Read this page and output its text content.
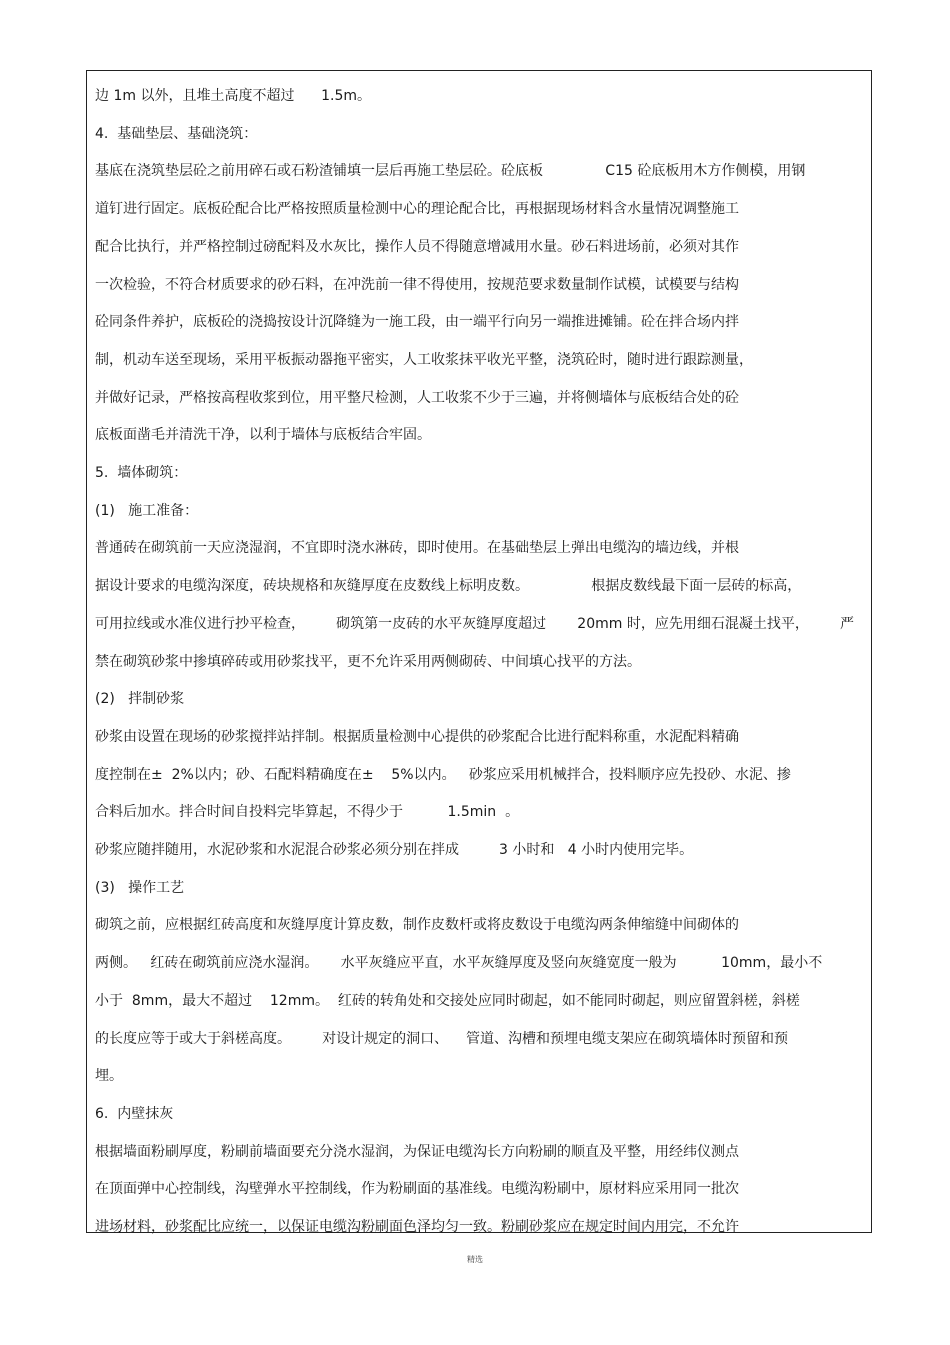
边 1m 以外，且堆土高度不超过      1.5m。
4.  基础垫层、基础浇筑：
基底在浇筑垫层砼之前用碎石或石粉渣铺填一层后再施工垫层砼。砼底板              C15 砼底板用木方作侧模，用钢
道钉进行固定。底板砼配合比严格按照质量检测中心的理论配合比，再根据现场材料含水量情况调整施工
配合比执行，并严格控制过磅配料及水灰比，操作人员不得随意增减用水量。砂石料进场前，必须对其作
一次检验，不符合材质要求的砂石料，在冲洗前一律不得使用，按规范要求数量制作试模，试模要与结构
砼同条件养护，底板砼的浇捣按设计沉降缝为一施工段，由一端平行向另一端推进摊铺。砼在拌合场内拌
制，机动车送至现场，采用平板振动器拖平密实，人工收浆抹平收光平整，浇筑砼时，随时进行跟踪测量，
并做好记录，严格按高程收浆到位，用平整尺检测，人工收浆不少于三遍，并将侧墙体与底板结合处的砼
底板面凿毛并清洗干净，以利于墙体与底板结合牢固。
5.  墙体砌筑：
(1)   施工准备：
普通砖在砌筑前一天应浇湿润，不宜即时浇水淋砖，即时使用。在基础垫层上弹出电缆沟的墙边线，并根
据设计要求的电缆沟深度，砖块规格和灰缝厚度在皮数线上标明皮数。              根据皮数线最下面一层砖的标高，
可用拉线或水准仪进行抄平检查，       砌筑第一皮砖的水平灰缝厚度超过       20mm 时，应先用细石混凝土找平，       严
禁在砌筑砂浆中掺填碎砖或用砂浆找平，更不允许采用两侧砌砖、中间填心找平的方法。
(2)   拌制砂浆
砂浆由设置在现场的砂浆搅拌站拌制。根据质量检测中心提供的砂浆配合比进行配料称重，水泥配料精确
度控制在±  2%以内；砂、石配料精确度在±    5%以内。   砂浆应采用机械拌合，投料顺序应先投砂、水泥、掺
合料后加水。拌合时间自投料完毕算起，不得少于          1.5min  。
砂浆应随拌随用，水泥砂浆和水泥混合砂浆必须分别在拌成         3 小时和   4 小时内使用完毕。
(3)   操作工艺
砌筑之前，应根据红砖高度和灰缝厚度计算皮数，制作皮数杆或将皮数设于电缆沟两条伸缩缝中间砌体的
两侧。   红砖在砌筑前应浇水湿润。     水平灰缝应平直，水平灰缝厚度及竖向灰缝宽度一般为          10mm，最小不
小于  8mm，最大不超过    12mm。  红砖的转角处和交接处应同时砌起，如不能同时砌起，则应留置斜槎，斜槎
的长度应等于或大于斜槎高度。       对设计规定的洞口、    管道、沟槽和预埋电缆支架应在砌筑墙体时预留和预
埋。
6.  内壁抹灰
根据墙面粉刷厚度，粉刷前墙面要充分浇水湿润，为保证电缆沟长方向粉刷的顺直及平整，用经纬仪测点
在顶面弹中心控制线，沟壁弹水平控制线，作为粉刷面的基准线。电缆沟粉刷中，原材料应采用同一批次
进场材料，砂浆配比应统一，以保证电缆沟粉刷面色泽均匀一致。粉刷砂浆应在规定时间内用完，不允许
精选
